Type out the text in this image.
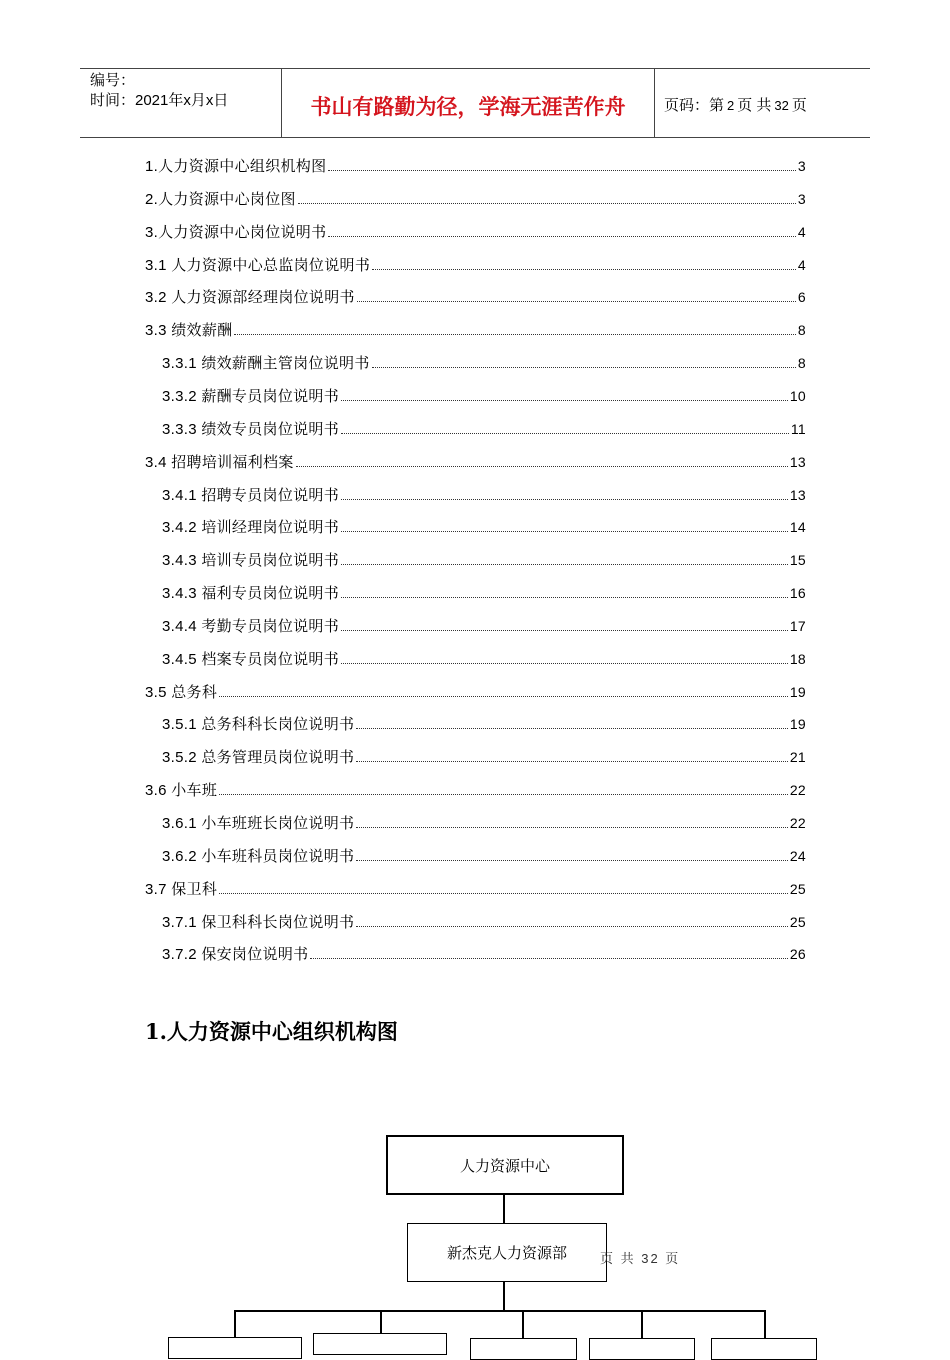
编号：
时间：2021年x月x日	书山有路勤为径，学海无涯苦作舟	页码：第 2 页 共 32 页
1.人力资源中心组织机构图	3
2.人力资源中心岗位图	3
3.人力资源中心岗位说明书	4
3.1 人力资源中心总监岗位说明书	4
3.2 人力资源部经理岗位说明书	6
3.3 绩效薪酬	8
3.3.1 绩效薪酬主管岗位说明书	8
3.3.2 薪酬专员岗位说明书	10
3.3.3 绩效专员岗位说明书	11
3.4 招聘培训福利档案	13
3.4.1 招聘专员岗位说明书	13
3.4.2 培训经理岗位说明书	14
3.4.3 培训专员岗位说明书	15
3.4.3 福利专员岗位说明书	16
3.4.4 考勤专员岗位说明书	17
3.4.5 档案专员岗位说明书	18
3.5 总务科	19
3.5.1 总务科科长岗位说明书	19
3.5.2 总务管理员岗位说明书	21
3.6 小车班	22
3.6.1 小车班班长岗位说明书	22
3.6.2 小车班科员岗位说明书	24
3.7 保卫科	25
3.7.1 保卫科科长岗位说明书	25
3.7.2 保安岗位说明书	26
1.人力资源中心组织机构图
人力资源中心
新杰克人力资源部	页 共 32 页
